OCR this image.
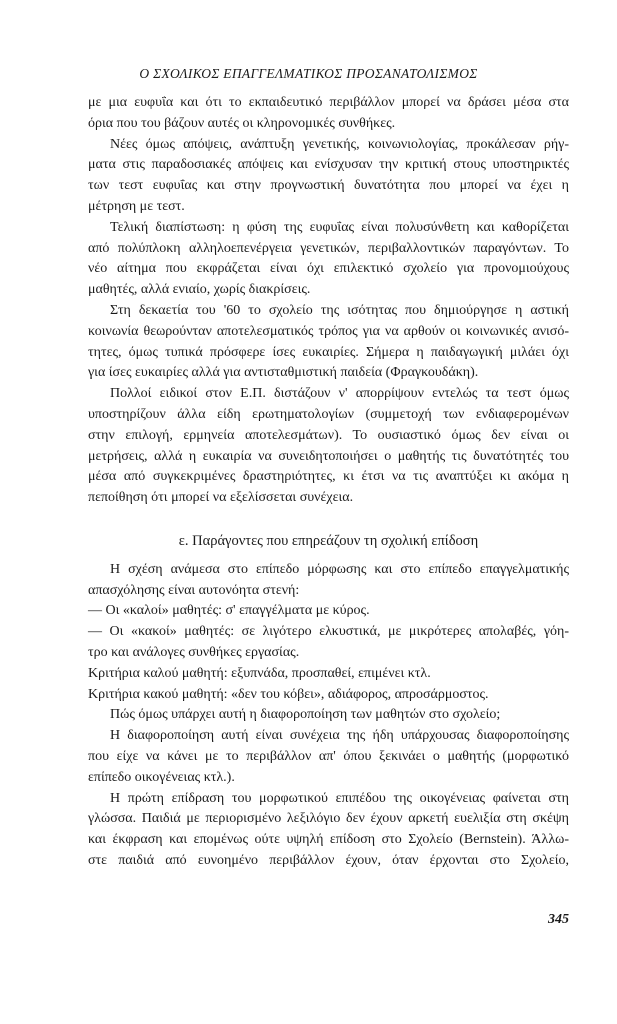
Ο ΣΧΟΛΙΚΟΣ ΕΠΑΓΓΕΛΜΑΤΙΚΟΣ ΠΡΟΣΑΝΑΤΟΛΙΣΜΟΣ
με μια ευφυΐα και ότι το εκπαιδευτικό περιβάλλον μπορεί να δράσει μέσα στα
όρια που του βάζουν αυτές οι κληρονομικές συνθήκες.
Νέες όμως απόψεις, ανάπτυξη γενετικής, κοινωνιολογίας, προκάλεσαν ρήγ-
ματα στις παραδοσιακές απόψεις και ενίσχυσαν την κριτική στους υποστηρικτές
των τεστ ευφυΐας και στην προγνωστική δυνατότητα που μπορεί να έχει η
μέτρηση με τεστ.
Τελική διαπίστωση: η φύση της ευφυΐας είναι πολυσύνθετη και καθορίζεται
από πολύπλοκη αλληλοεπενέργεια γενετικών, περιβαλλοντικών παραγόντων. Το
νέο αίτημα που εκφράζεται είναι όχι επιλεκτικό σχολείο για προνομιούχους
μαθητές, αλλά ενιαίο, χωρίς διακρίσεις.
Στη δεκαετία του '60 το σχολείο της ισότητας που δημιούργησε η αστική
κοινωνία θεωρούνταν αποτελεσματικός τρόπος για να αρθούν οι κοινωνικές ανισό-
τητες, όμως τυπικά πρόσφερε ίσες ευκαιρίες. Σήμερα η παιδαγωγική μιλάει όχι
για ίσες ευκαιρίες αλλά για αντισταθμιστική παιδεία (Φραγκουδάκη).
Πολλοί ειδικοί στον Ε.Π. διστάζουν ν' απορρίψουν εντελώς τα τεστ όμως
υποστηρίζουν άλλα είδη ερωτηματολογίων (συμμετοχή των ενδιαφερομένων
στην επιλογή, ερμηνεία αποτελεσμάτων). Το ουσιαστικό όμως δεν είναι οι
μετρήσεις, αλλά η ευκαιρία να συνειδητοποιήσει ο μαθητής τις δυνατότητές του
μέσα από συγκεκριμένες δραστηριότητες, κι έτσι να τις αναπτύξει κι ακόμα η
πεποίθηση ότι μπορεί να εξελίσσεται συνέχεια.
ε. Παράγοντες που επηρεάζουν τη σχολική επίδοση
Η σχέση ανάμεσα στο επίπεδο μόρφωσης και στο επίπεδο επαγγελματικής
απασχόλησης είναι αυτονόητα στενή:
— Οι «καλοί» μαθητές: σ' επαγγέλματα με κύρος.
— Οι «κακοί» μαθητές: σε λιγότερο ελκυστικά, με μικρότερες απολαβές, γόη-
τρο και ανάλογες συνθήκες εργασίας.
Κριτήρια καλού μαθητή: εξυπνάδα, προσπαθεί, επιμένει κτλ.
Κριτήρια κακού μαθητή: «δεν του κόβει», αδιάφορος, απροσάρμοστος.
Πώς όμως υπάρχει αυτή η διαφοροποίηση των μαθητών στο σχολείο;
Η διαφοροποίηση αυτή είναι συνέχεια της ήδη υπάρχουσας διαφοροποίησης
που είχε να κάνει με το περιβάλλον απ' όπου ξεκινάει ο μαθητής (μορφωτικό
επίπεδο οικογένειας κτλ.).
Η πρώτη επίδραση του μορφωτικού επιπέδου της οικογένειας φαίνεται στη
γλώσσα. Παιδιά με περιορισμένο λεξιλόγιο δεν έχουν αρκετή ευελιξία στη σκέψη
και έκφραση και επομένως ούτε υψηλή επίδοση στο Σχολείο (Bernstein). Άλλω-
στε παιδιά από ευνοημένο περιβάλλον έχουν, όταν έρχονται στο Σχολείο,
345
